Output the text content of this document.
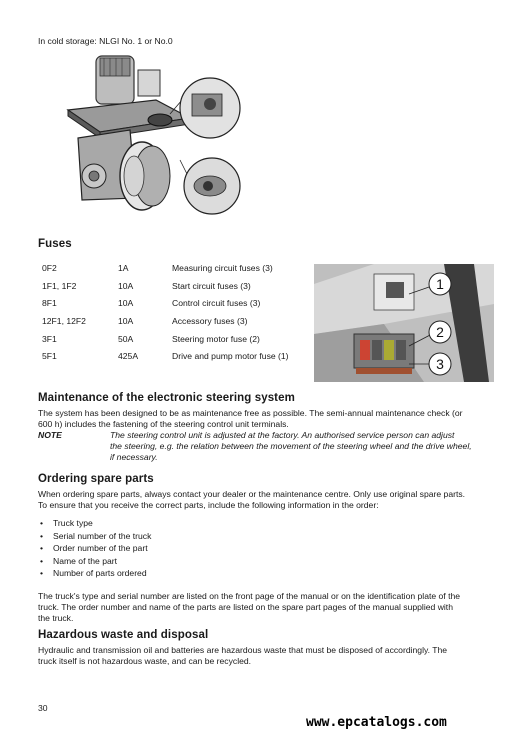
In cold storage: NLGI No. 1 or No.0
Fuses
0F2	1A	Measuring circuit fuses (3)
1F1, 1F2	10A	Start circuit fuses (3)
8F1	10A	Control circuit fuses (3)
12F1, 12F2	10A	Accessory fuses (3)
3F1	50A	Steering motor fuse (2)
5F1	425A	Drive and pump motor fuse (1)
1
2
3
Maintenance of the electronic steering system
The system has been designed to be as maintenance free as possible. The semi-annual maintenance check (or
600 h) includes the fastening of the steering control unit terminals.
NOTE	The steering control unit is adjusted at the factory. An authorised service person can adjust
the steering, e.g. the relation between the movement of the steering wheel and the drive wheel,
if necessary.
Ordering spare parts
When ordering spare parts, always contact your dealer or the maintenance centre. Only use original spare parts.
To ensure that you receive the correct parts, include the following information in the order:
• Truck type
• Serial number of the truck
• Order number of the part
• Name of the part
• Number of parts ordered
The truck's type and serial number are listed on the front page of the manual or on the identification plate of the
truck. The order number and name of the parts are listed on the spare part pages of the manual supplied with
the truck.
Hazardous waste and disposal
Hydraulic and transmission oil and batteries are hazardous waste that must be disposed of accordingly. The
truck itself is not hazardous waste, and can be recycled.
30
www.epcatalogs.com
